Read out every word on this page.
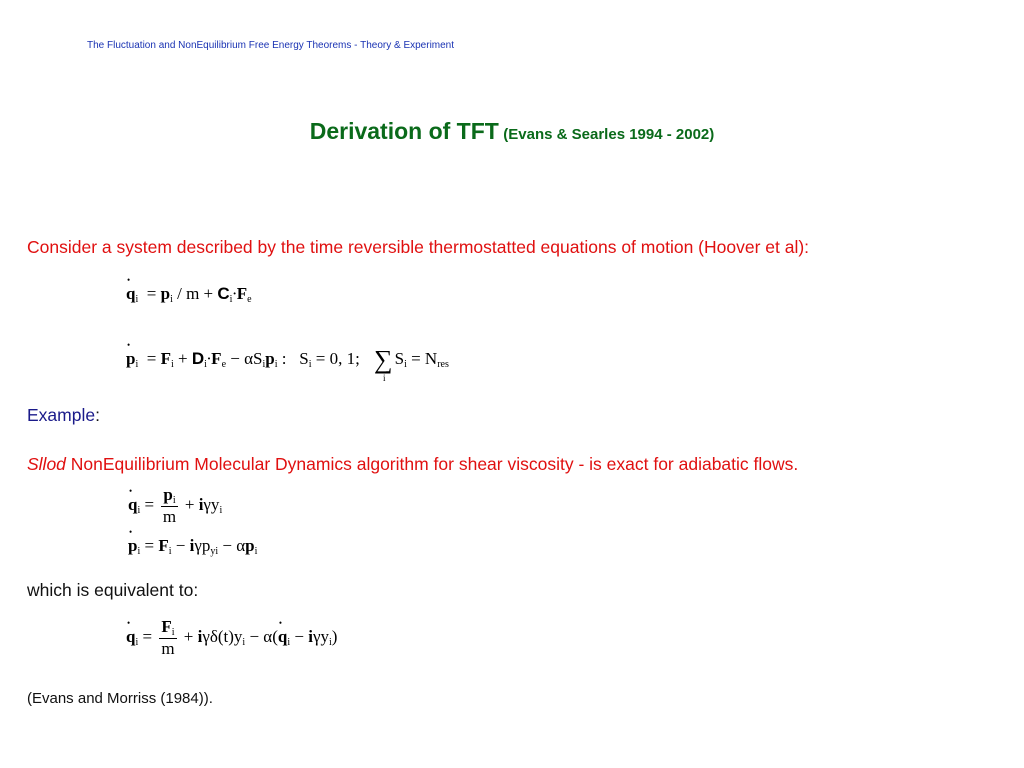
The Fluctuation and NonEquilibrium Free Energy Theorems - Theory & Experiment
Derivation of TFT (Evans & Searles 1994 - 2002)
Consider a system described by the time reversible thermostatted equations of motion (Hoover et al):
• $q_i = p_i / m + C_i\cdot F_e$
• $p_i = F_i + D_i\cdot F_e - \alpha S_ip_i$ : $S_i = 0$, 1; ∑
i
$S_i = N_{res}$
Example:
Sllod NonEquilibrium Molecular Dynamics algorithm for shear viscosity - is exact for adiabatic flows.
• $q_i = \frac{p_i}{m} + i\gamma y_i$
• $p_i = F_i - i\gamma p_{yi} - \alpha p_i$
which is equivalent to:
• $q_i = \frac{F_i}{m} + i\gamma\delta(t)y_i$ − α(• $q_i - i\gamma y_i$)
(Evans and Morriss (1984)).
